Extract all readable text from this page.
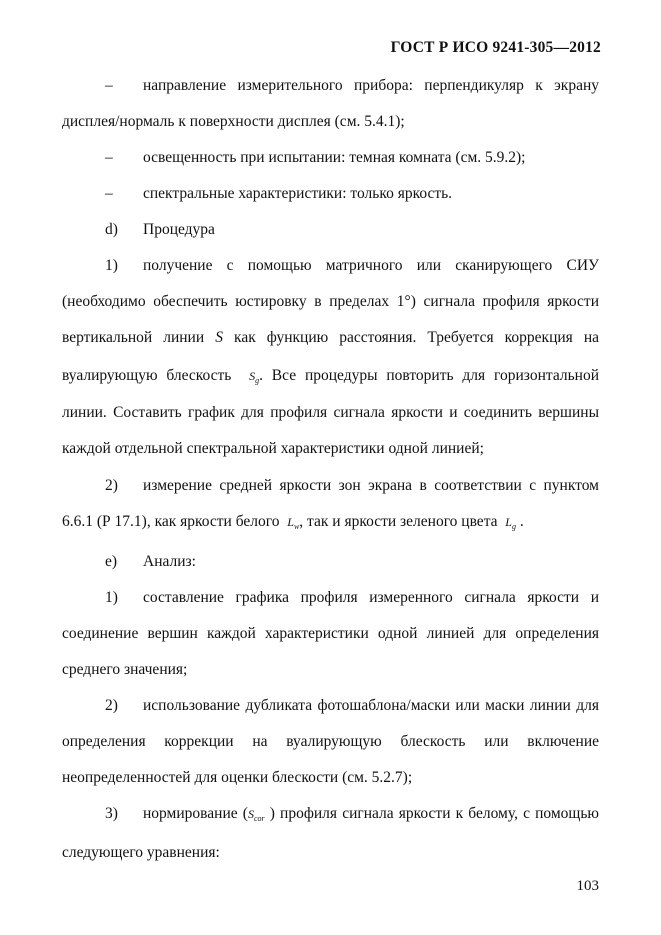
ГОСТ Р ИСО 9241-305—2012
–	направление измерительного прибора: перпендикуляр к экрану
дисплея/нормаль к поверхности дисплея (см. 5.4.1);
–	освещенность при испытании: темная комната (см. 5.9.2);
–	спектральные характеристики: только яркость.
d)	Процедура
1)	получение с помощью матричного или сканирующего СИУ
(необходимо обеспечить юстировку в пределах 1°) сигнала профиля яркости
вертикальной линии S как функцию расстояния. Требуется коррекция на
вуалирующую блескость $S_g$. Все процедуры повторить для горизонтальной
линии. Составить график для профиля сигнала яркости и соединить вершины
каждой отдельной спектральной характеристики одной линией;
2)	измерение средней яркости зон экрана в соответствии с пунктом
6.6.1 (Р 17.1), как яркости белого $L_w$, так и яркости зеленого цвета $L_g$ .
е)	Анализ:
1)	составление графика профиля измеренного сигнала яркости и
соединение вершин каждой характеристики одной линией для определения
среднего значения;
2)	использование дубликата фотошаблона/маски или маски линии для
определения коррекции на вуалирующую блескость или включение
неопределенностей для оценки блескости (см. 5.2.7);
3)	нормирование ($S_{cor}$ ) профиля сигнала яркости к белому, с помощью
следующего уравнения:
103
